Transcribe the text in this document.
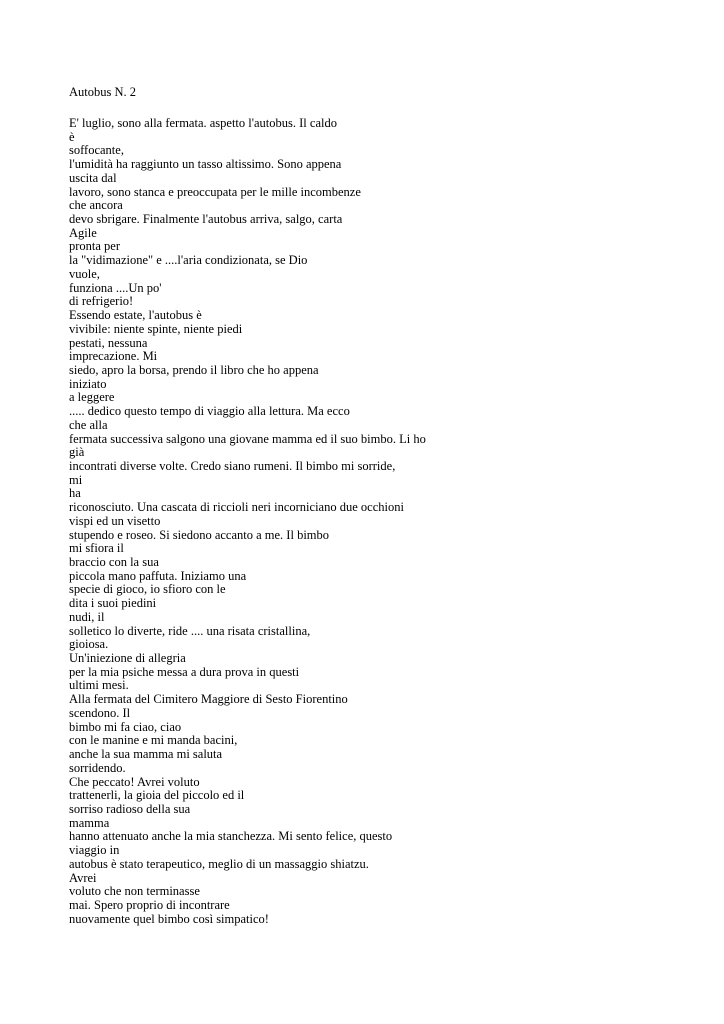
Autobus N. 2
E' luglio, sono alla fermata. aspetto l'autobus. Il caldo
è
soffocante,
l'umidità ha raggiunto un tasso altissimo. Sono appena
uscita dal
lavoro, sono stanca e preoccupata per le mille incombenze
che ancora
devo sbrigare. Finalmente l'autobus arriva, salgo, carta
Agile
pronta per
la "vidimazione" e ....l'aria condizionata, se Dio
vuole,
funziona ....Un po'
di refrigerio!
Essendo estate, l'autobus è
vivibile: niente spinte, niente piedi
pestati, nessuna
imprecazione. Mi
siedo, apro la borsa, prendo il libro che ho appena
iniziato
a leggere
..... dedico questo tempo di viaggio alla lettura. Ma ecco
che alla
fermata successiva salgono una giovane mamma ed il suo bimbo. Li ho
già
incontrati diverse volte. Credo siano rumeni. Il bimbo mi sorride,
mi
ha
riconosciuto. Una cascata di riccioli neri incorniciano due occhioni
vispi ed un visetto
stupendo e roseo. Si siedono accanto a me. Il bimbo
mi sfiora il
braccio con la sua
piccola mano paffuta. Iniziamo una
specie di gioco, io sfioro con le
dita i suoi piedini
nudi, il
solletico lo diverte, ride .... una risata cristallina,
gioiosa.
Un'iniezione di allegria
per la mia psiche messa a dura prova in questi
ultimi mesi.
Alla fermata del Cimitero Maggiore di Sesto Fiorentino
scendono. Il
bimbo mi fa ciao, ciao
con le manine e mi manda bacini,
anche la sua mamma mi saluta
sorridendo.
Che peccato! Avrei voluto
trattenerli, la gioia del piccolo ed il
sorriso radioso della sua
mamma
hanno attenuato anche la mia stanchezza. Mi sento felice, questo
viaggio in
autobus è stato terapeutico, meglio di un massaggio shiatzu.
Avrei
voluto che non terminasse
mai. Spero proprio di incontrare
nuovamente quel bimbo così simpatico!
